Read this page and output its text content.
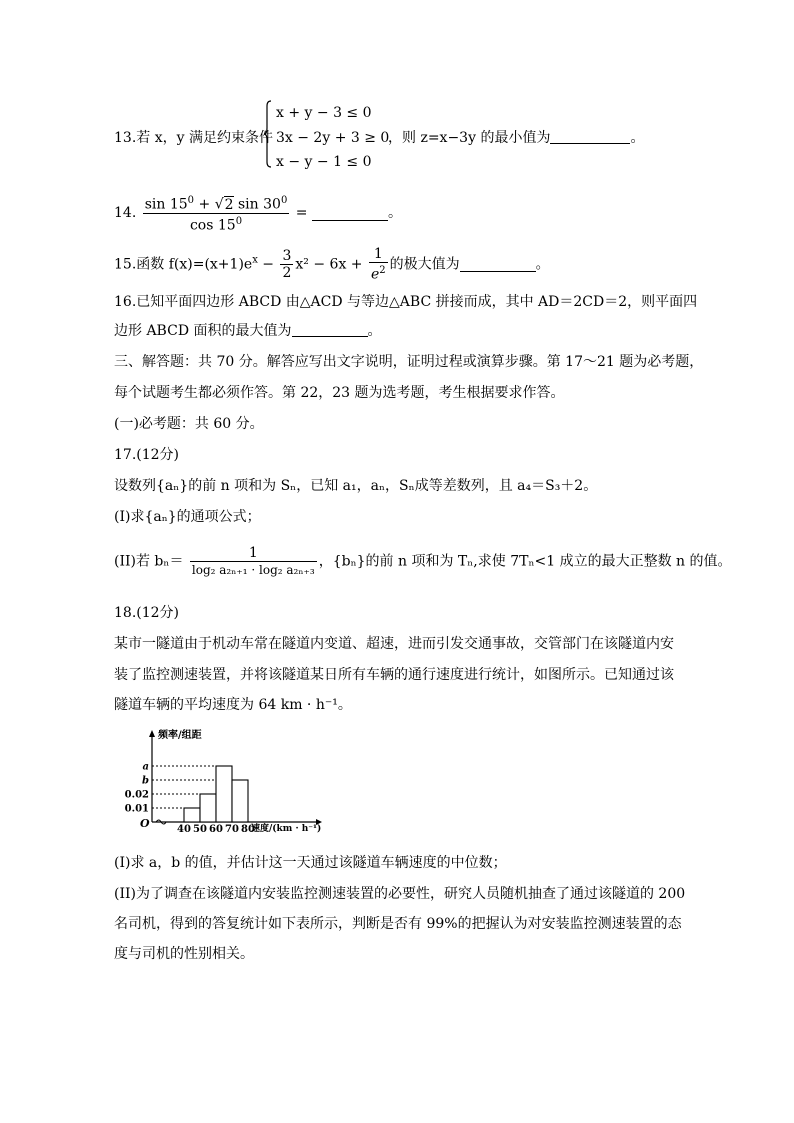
13.若 x，y 满足约束条件
x + y − 3 ≤ 0
3x − 2y + 3 ≥ 0
x − y − 1 ≤ 0
，则 z=x−3y 的最小值为	。
14. $\frac{\sin 15^0 + √2 \sin 30^0}{\cos 15^0}$ =	。
15.函数 $f(x)=(x+1)e^x - \frac{3}{2} x^2 - 6x + \frac{1}{e^2}$ 的极大值为	。
16.已知平面四边形 ABCD 由△ACD 与等边△ABC 拼接而成，其中 AD＝2CD＝2，则平面四
边形 ABCD 面积的最大值为	。
三、解答题：共 70 分。解答应写出文字说明，证明过程或演算步骤。第 17～21 题为必考题，
每个试题考生都必须作答。第 22，23 题为选考题，考生根据要求作答。
(一)必考题：共 60 分。
17.(12分)
设数列{aₙ}的前 n 项和为 Sₙ，已知 a₁，aₙ，Sₙ成等差数列，且 a₄＝S₃＋2。
(I)求{aₙ}的通项公式；
(II)若 $b_n= \frac{1}{\text{log₂ a₂ₙ₊₁ · log₂ a₂ₙ₊₃}}$ ，{bₙ}的前 n 项和为 Tₙ,求使 7Tₙ<1 成立的最大正整数 n 的值。
18.(12分)
某市一隧道由于机动车常在隧道内变道、超速，进而引发交通事故，交管部门在该隧道内安
装了监控测速装置，并将该隧道某日所有车辆的通行速度进行统计，如图所示。已知通过该
隧道车辆的平均速度为 64 km · h⁻¹。
O
频率/组距
速度/(km · h⁻¹)
0.01
0.02
b
a
40 50 60 70 80
(I)求 a，b 的值，并估计这一天通过该隧道车辆速度的中位数；
(II)为了调查在该隧道内安装监控测速装置的必要性，研究人员随机抽查了通过该隧道的 200
名司机，得到的答复统计如下表所示，判断是否有 99%的把握认为对安装监控测速装置的态
度与司机的性别相关。
